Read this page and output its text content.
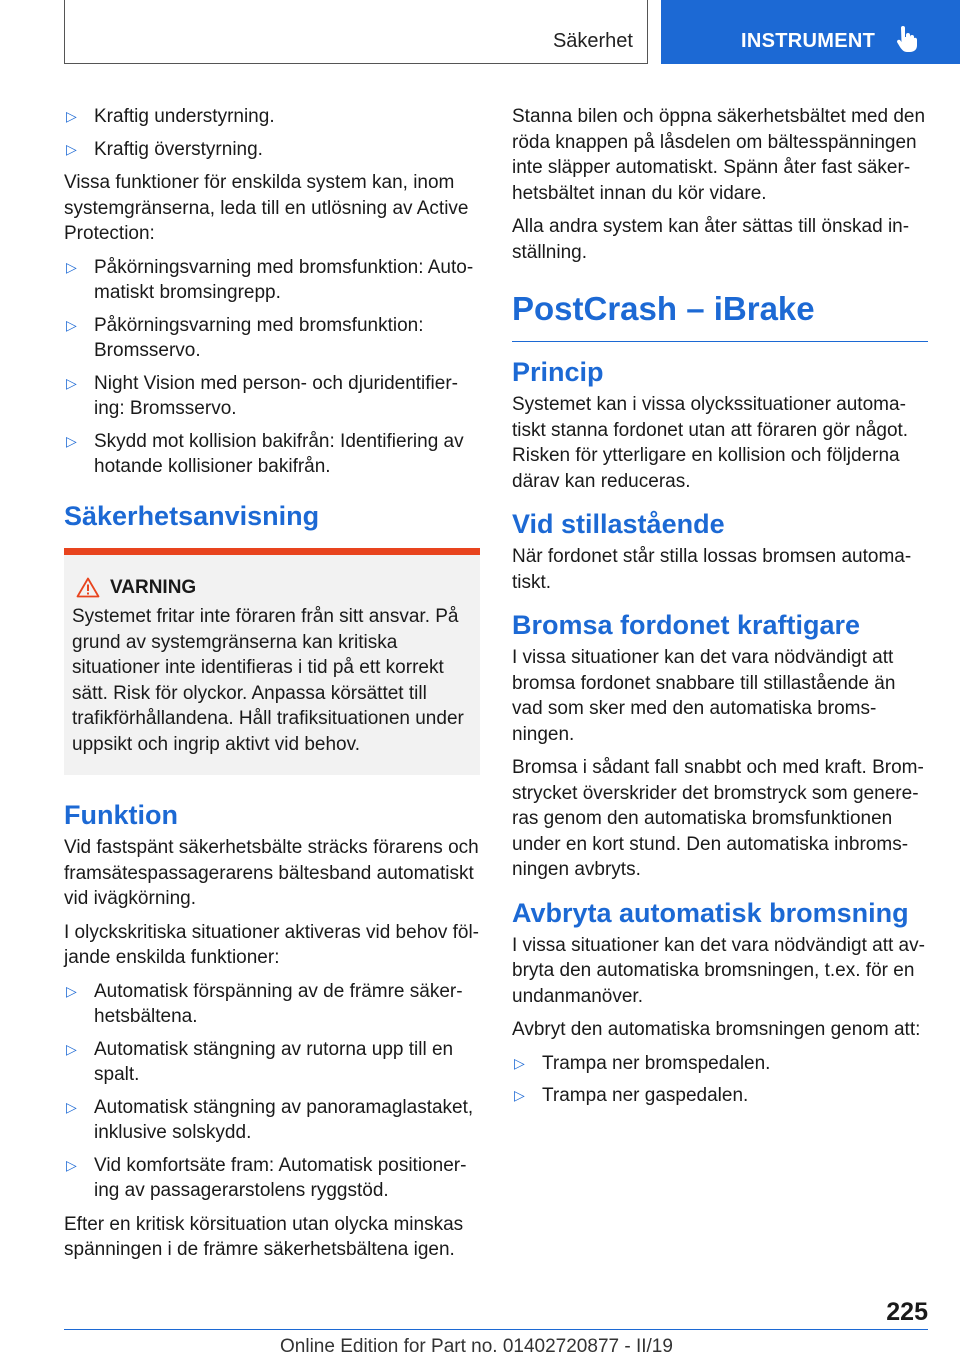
Säkerhet	INSTRUMENT
▷ Kraftig understyrning.
▷ Kraftig överstyrning.

Vissa funktioner för enskilda system kan, inom systemgränserna, leda till en utlösning av Active Protection:

▷ Påkörningsvarning med bromsfunktion: Automatiskt bromsingrepp.
▷ Påkörningsvarning med bromsfunktion: Bromsservo.
▷ Night Vision med person- och djuridentifiering: Bromsservo.
▷ Skydd mot kollision bakifrån: Identifiering av hotande kollisioner bakifrån.
Säkerhetsanvisning
VARNING

Systemet fritar inte föraren från sitt ansvar. På grund av systemgränserna kan kritiska situationer inte identifieras i tid på ett korrekt sätt. Risk för olyckor. Anpassa körsättet till trafikförhållandena. Håll trafiksituationen under uppsikt och ingrip aktivt vid behov.

Funktion

Vid fastspänt säkerhetsbälte sträcks förarens och framsätespassagerarens bältesband automatiskt vid ivägkörning.

I olyckskritiska situationer aktiveras vid behov följande enskilda funktioner:

▷ Automatisk förspänning av de främre säkerhetsbältena.
▷ Automatisk stängning av rutorna upp till en spalt.
▷ Automatisk stängning av panoramaglastaket, inklusive solskydd.
▷ Vid komfortsäte fram: Automatisk positionering av passagerarstolens ryggstöd.

Efter en kritisk körsituation utan olycka minskas spänningen i de främre säkerhetsbältena igen.

Stanna bilen och öppna säkerhetsbältet med den röda knappen på låsdelen om bältesspänningen inte släpper automatiskt. Spänn åter fast säkerhetsbältet innan du kör vidare.

Alla andra system kan åter sättas till önskad inställning.

PostCrash – iBrake
Princip

Systemet kan i vissa olyckssituationer automatiskt stanna fordonet utan att föraren gör något. Risken för ytterligare en kollision och följderna därav kan reduceras.

Vid stillastående

När fordonet står stilla lossas bromsen automatiskt.

Bromsa fordonet kraftigare

I vissa situationer kan det vara nödvändigt att bromsa fordonet snabbare till stillastående än vad som sker med den automatiska bromsningen.

Bromsa i sådant fall snabbt och med kraft. Bromstrycket överskrider det bromstryck som genereras genom den automatiska bromsfunktionen under en kort stund. Den automatiska inbromsningen avbryts.

Avbryta automatisk bromsning

I vissa situationer kan det vara nödvändigt att avbryta den automatiska bromsningen, t.ex. för en undanmanöver.

Avbryt den automatiska bromsningen genom att:

▷ Trampa ner bromspedalen.
▷ Trampa ner gaspedalen.
225
Online Edition for Part no. 01402720877 - II/19
